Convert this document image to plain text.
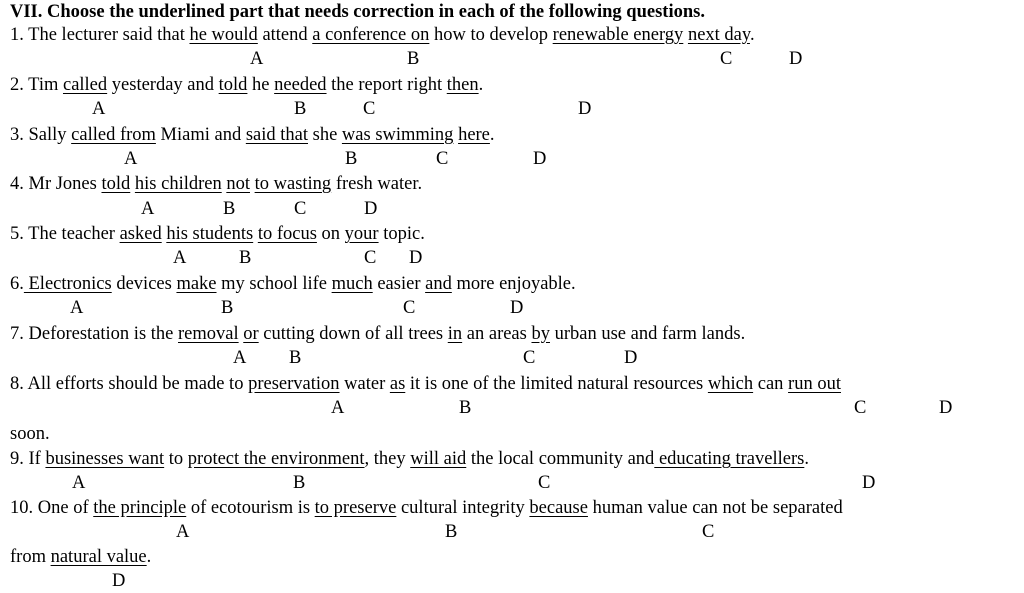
VII. Choose the underlined part that needs correction in each of the following questions.
1. The lecturer said that he would attend a conference on how to develop renewable energy next day.
A	B	C	D
2. Tim called yesterday and told he needed the report right then.
A	B	C	D
3. Sally called from Miami and said that she was swimming here.
A	B	C	D
4. Mr Jones told his children not to wasting fresh water.
A	B	C	D
5. The teacher asked his students to focus on your topic.
A	B	C D
6. Electronics devices make my school life much easier and more enjoyable.
A	B	C	D
7. Deforestation is the removal or cutting down of all trees in an areas by urban use and farm lands.
A B	C	D
8. All efforts should be made to preservation water as it is one of the limited natural resources which can run out
A	B	C	D
soon.
9. If businesses want to protect the environment, they will aid the local community and educating travellers.
A	B	C	D
10. One of the principle of ecotourism is to preserve cultural integrity because human value can not be separated
A	B	C
from natural value.
D
